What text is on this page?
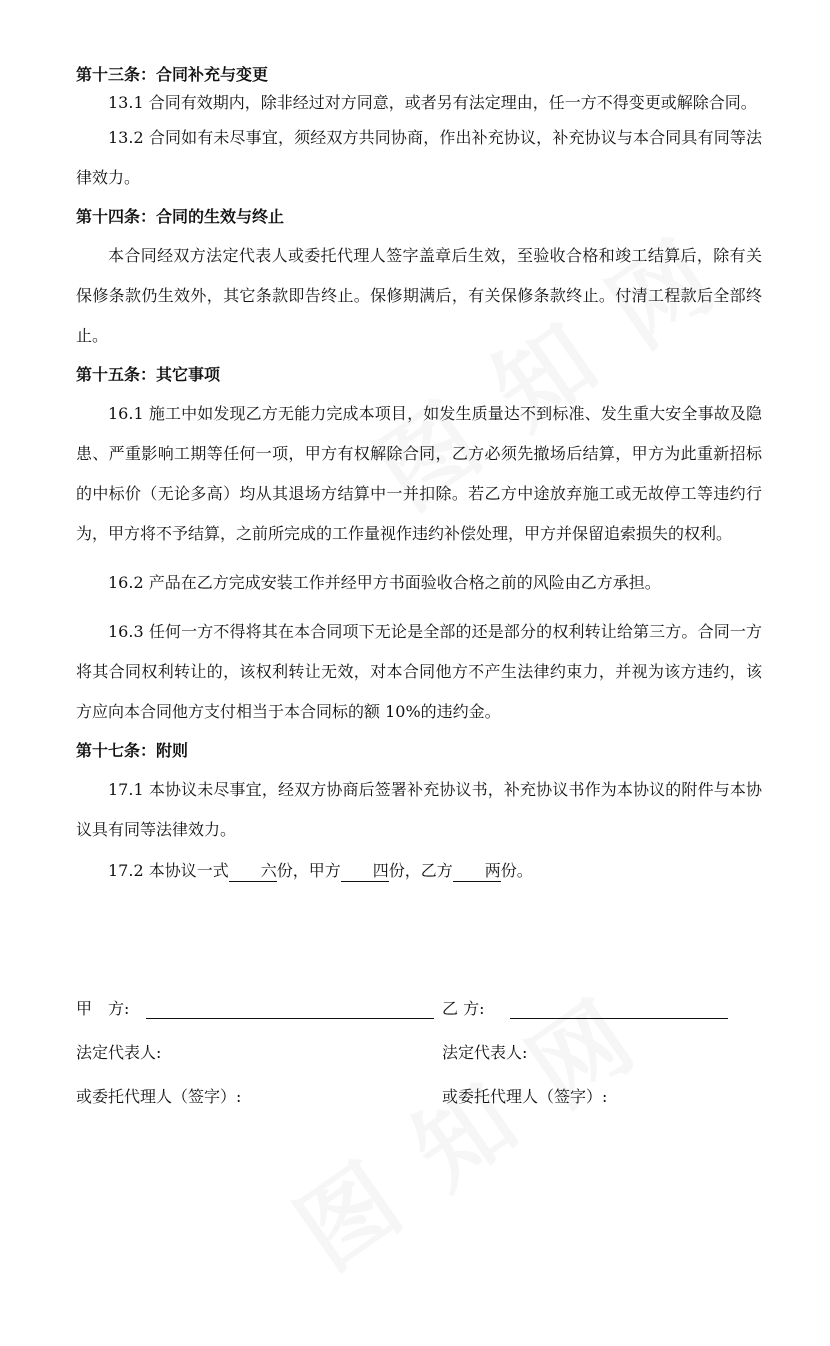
第十三条：合同补充与变更

13.1 合同有效期内，除非经过对方同意，或者另有法定理由，任一方不得变更或解除合同。

13.2 合同如有未尽事宜，须经双方共同协商，作出补充协议，补充协议与本合同具有同等法律效力。

第十四条：合同的生效与终止

本合同经双方法定代表人或委托代理人签字盖章后生效，至验收合格和竣工结算后，除有关保修条款仍生效外，其它条款即告终止。保修期满后，有关保修条款终止。付清工程款后全部终止。

第十五条：其它事项

16.1 施工中如发现乙方无能力完成本项目，如发生质量达不到标准、发生重大安全事故及隐患、严重影响工期等任何一项，甲方有权解除合同，乙方必须先撤场后结算，甲方为此重新招标的中标价（无论多高）均从其退场方结算中一并扣除。若乙方中途放弃施工或无故停工等违约行为，甲方将不予结算，之前所完成的工作量视作违约补偿处理，甲方并保留追索损失的权利。

16.2 产品在乙方完成安装工作并经甲方书面验收合格之前的风险由乙方承担。

16.3 任何一方不得将其在本合同项下无论是全部的还是部分的权利转让给第三方。合同一方将其合同权利转让的，该权利转让无效，对本合同他方不产生法律约束力，并视为该方违约，该方应向本合同他方支付相当于本合同标的额 10%的违约金。

第十七条：附则

17.1 本协议未尽事宜，经双方协商后签署补充协议书，补充协议书作为本协议的附件与本协议具有同等法律效力。

17.2 本协议一式 六份，甲方 四份，乙方 两份。

甲　方:	乙 方:
法定代表人:	法定代表人:
或委托代理人（签字）:	或委托代理人（签字）:
